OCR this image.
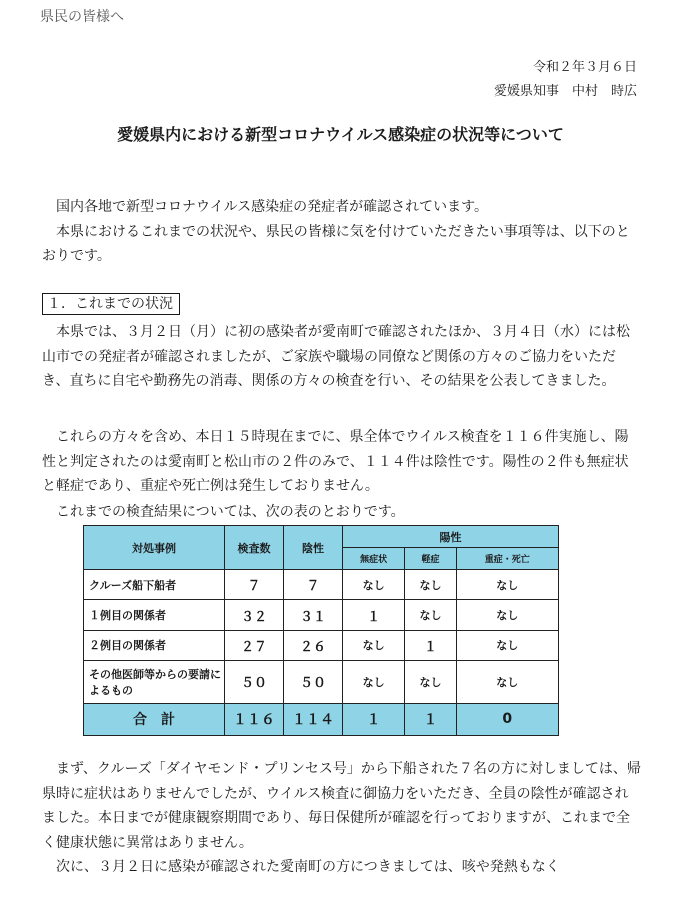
県民の皆様へ
令和２年３月６日
愛媛県知事　中村　時広
愛媛県内における新型コロナウイルス感染症の状況等について
国内各地で新型コロナウイルス感染症の発症者が確認されています。
本県におけるこれまでの状況や、県民の皆様に気を付けていただきたい事項等は、以下のとおりです。
１．これまでの状況
本県では、３月２日（月）に初の感染者が愛南町で確認されたほか、３月４日（水）には松山市での発症者が確認されましたが、ご家族や職場の同僚など関係の方々のご協力をいただき、直ちに自宅や勤務先の消毒、関係の方々の検査を行い、その結果を公表してきました。
これらの方々を含め、本日１５時現在までに、県全体でウイルス検査を１１６件実施し、陽性と判定されたのは愛南町と松山市の２件のみで、１１４件は陰性です。陽性の２件も無症状と軽症であり、重症や死亡例は発生しておりません。
これまでの検査結果については、次の表のとおりです。
対処事例	検査数	陰性	陽性		
			無症状	軽症	重症・死亡
クルーズ船下船者	７	７	なし	なし	なし
１例目の関係者	３２	３１	１	なし	なし
２例目の関係者	２７	２６	なし	１	なし
その他医師等からの要請によるもの	５０	５０	なし	なし	なし
合　計	１１６	１１４	１	１	0
まず、クルーズ「ダイヤモンド・プリンセス号」から下船された７名の方に対しましては、帰県時に症状はありませんでしたが、ウイルス検査に御協力をいただき、全員の陰性が確認されました。本日までが健康観察期間であり、毎日保健所が確認を行っておりますが、これまで全く健康状態に異常はありません。
次に、３月２日に感染が確認された愛南町の方につきましては、咳や発熱もなく
